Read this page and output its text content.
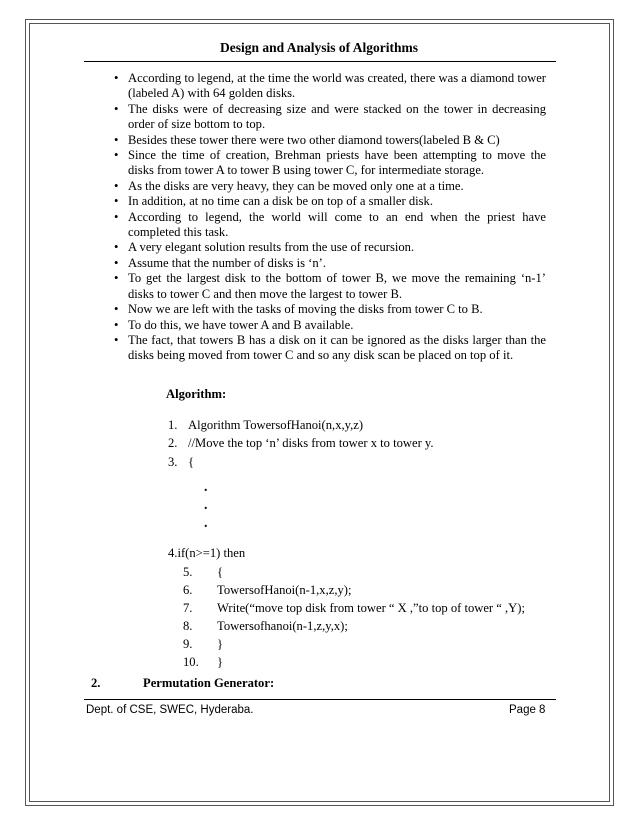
Design and Analysis of Algorithms
• According to legend, at the time the world was created, there was a diamond tower (labeled A) with 64 golden disks.
• The disks were of decreasing size and were stacked on the tower in decreasing order of size bottom to top.
• Besides these tower there were two other diamond towers(labeled B & C)
• Since the time of creation, Brehman priests have been attempting to move the disks from tower A to tower B using tower C, for intermediate storage.
• As the disks are very heavy, they can be moved only one at a time.
• In addition, at no time can a disk be on top of a smaller disk.
• According to legend, the world will come to an end when the priest have completed this task.
• A very elegant solution results from the use of recursion.
• Assume that the number of disks is ‘n’.
• To get the largest disk to the bottom of tower B, we move the remaining ‘n-1’ disks to tower C and then move the largest to tower B.
• Now we are left with the tasks of moving the disks from tower C to B.
• To do this, we have tower A and B available.
• The fact, that towers B has a disk on it can be ignored as the disks larger than the disks being moved from tower C and so any disk scan be placed on top of it.
Algorithm:
1. Algorithm TowersofHanoi(n,x,y,z)
2. //Move the top ‘n’ disks from tower x to tower y.
3. {
.
.
.
4.if(n>=1) then
5. {
6. TowersofHanoi(n-1,x,z,y);
7. Write(“move top disk from tower “ X ,”to top of tower “ ,Y);
8. Towersofhanoi(n-1,z,y,x);
9. }
10. }
2.	Permutation Generator:
Dept. of CSE, SWEC, Hyderaba.	Page 8
